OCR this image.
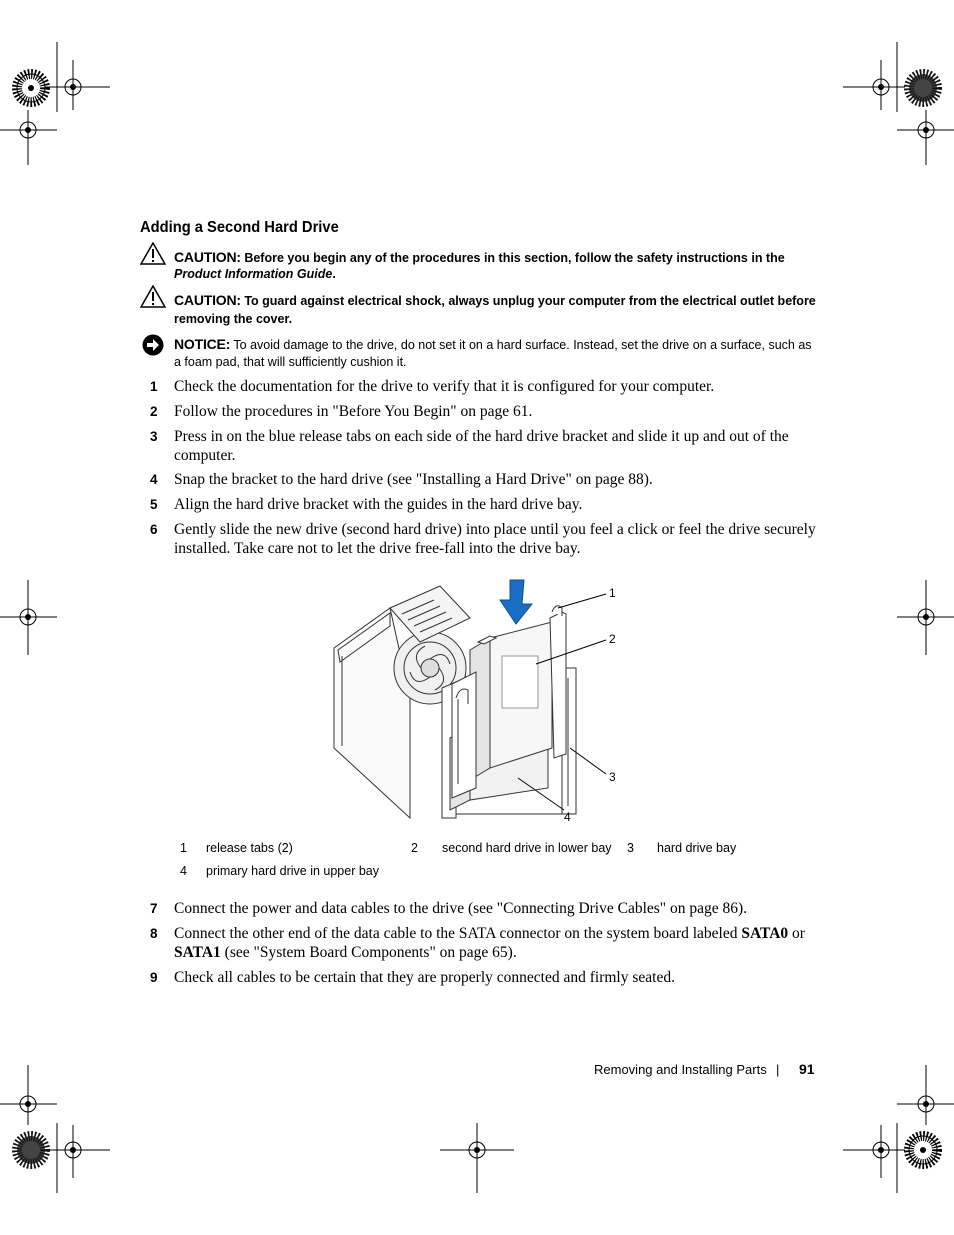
Adding a Second Hard Drive
CAUTION: Before you begin any of the procedures in this section, follow the safety instructions in the
Product Information Guide.
CAUTION: To guard against electrical shock, always unplug your computer from the electrical outlet before
removing the cover.
NOTICE: To avoid damage to the drive, do not set it on a hard surface. Instead, set the drive on a surface, such as
a foam pad, that will sufficiently cushion it.
1 Check the documentation for the drive to verify that it is configured for your computer.
2 Follow the procedures in "Before You Begin" on page 61.
3 Press in on the blue release tabs on each side of the hard drive bracket and slide it up and out of the
computer.
4 Snap the bracket to the hard drive (see "Installing a Hard Drive" on page 88).
5 Align the hard drive bracket with the guides in the hard drive bay.
6 Gently slide the new drive (second hard drive) into place until you feel a click or feel the drive securely
installed. Take care not to let the drive free-fall into the drive bay.
1
2
3
4
1 release tabs (2)	2 second hard drive in lower bay 3 hard drive bay
4 primary hard drive in upper bay
7 Connect the power and data cables to the drive (see "Connecting Drive Cables" on page 86).
8 Connect the other end of the data cable to the SATA connector on the system board labeled SATA0 or
SATA1 (see "System Board Components" on page 65).
9 Check all cables to be certain that they are properly connected and firmly seated.
Removing and Installing Parts | 91
